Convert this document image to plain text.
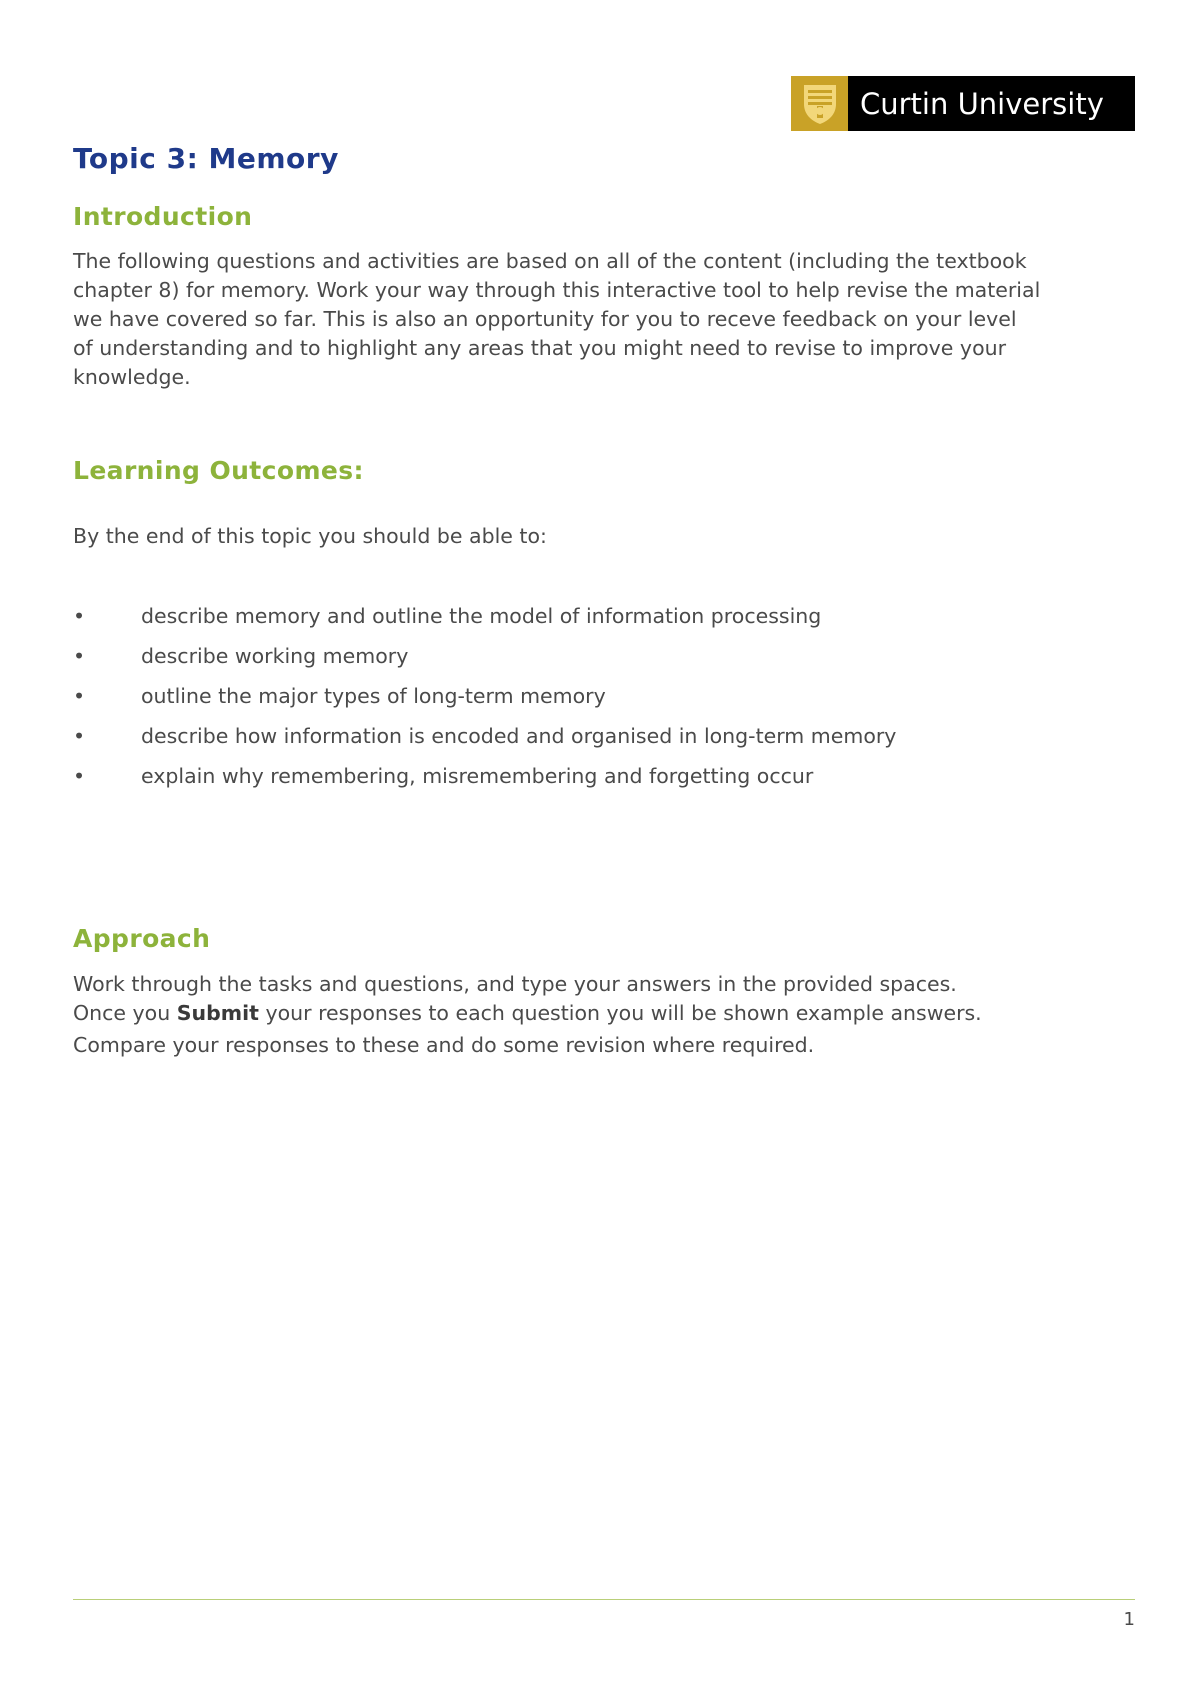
Curtin University
Topic 3: Memory
Introduction
The following questions and activities are based on all of the content (including the textbook
chapter 8) for memory. Work your way through this interactive tool to help revise the material
we have covered so far. This is also an opportunity for you to receve feedback on your level
of understanding and to highlight any areas that you might need to revise to improve your
knowledge.
Learning Outcomes:
By the end of this topic you should be able to:
•	describe memory and outline the model of information processing
•	describe working memory
•	outline the major types of long-term memory
•	describe how information is encoded and organised in long-term memory
•	explain why remembering, misremembering and forgetting occur
Approach
Work through the tasks and questions, and type your answers in the provided spaces.
Once you Submit your responses to each question you will be shown example answers.
Compare your responses to these and do some revision where required.
1
